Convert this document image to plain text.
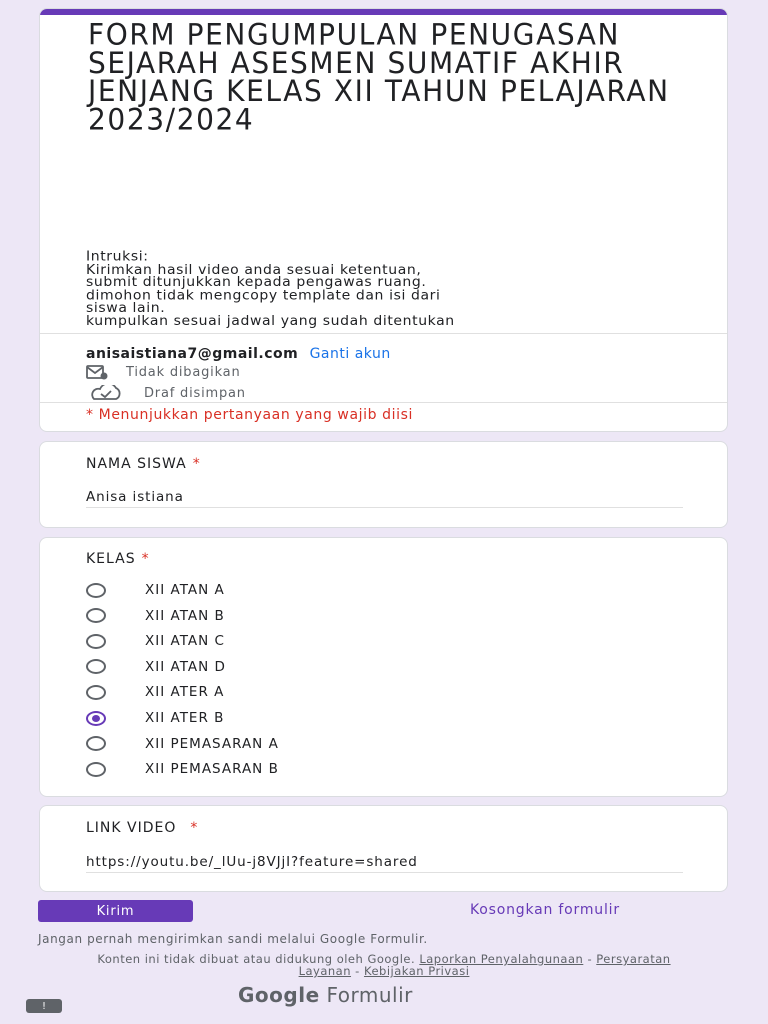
FORM PENGUMPULAN PENUGASAN SEJARAH ASESMEN SUMATIF AKHIR JENJANG KELAS XII TAHUN PELAJARAN 2023/2024
Intruksi:
Kirimkan hasil video anda sesuai ketentuan,
submit ditunjukkan kepada pengawas ruang.
dimohon tidak mengcopy template dan isi dari
siswa lain.
kumpulkan sesuai jadwal yang sudah ditentukan
anisaistiana7@gmail.com Ganti akun
Tidak dibagikan
Draf disimpan
* Menunjukkan pertanyaan yang wajib diisi
NAMA SISWA *
Anisa istiana
KELAS *
XII ATAN A
XII ATAN B
XII ATAN C
XII ATAN D
XII ATER A
XII ATER B
XII PEMASARAN A
XII PEMASARAN B
LINK VIDEO *
https://youtu.be/_lUu-j8VJjI?feature=shared
Kirim	Kosongkan formulir
Jangan pernah mengirimkan sandi melalui Google Formulir.
Konten ini tidak dibuat atau didukung oleh Google. Laporkan Penyalahgunaan - Persyaratan Layanan - Kebijakan Privasi
Google Formulir
!
